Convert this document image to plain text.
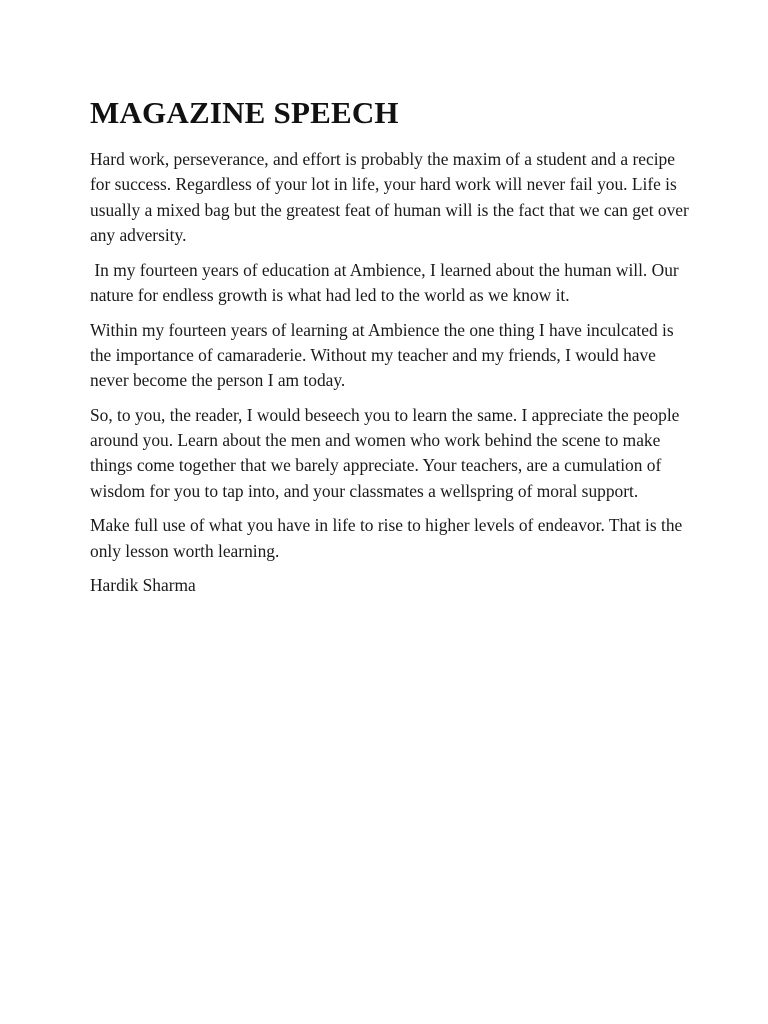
MAGAZINE SPEECH

Hard work, perseverance, and effort is probably the maxim of a student and a recipe for success. Regardless of your lot in life, your hard work will never fail you. Life is usually a mixed bag but the greatest feat of human will is the fact that we can get over any adversity.

In my fourteen years of education at Ambience, I learned about the human will. Our nature for endless growth is what had led to the world as we know it.

Within my fourteen years of learning at Ambience the one thing I have inculcated is the importance of camaraderie. Without my teacher and my friends, I would have never become the person I am today.

So, to you, the reader, I would beseech you to learn the same. I appreciate the people around you. Learn about the men and women who work behind the scene to make things come together that we barely appreciate. Your teachers, are a cumulation of wisdom for you to tap into, and your classmates a wellspring of moral support.

Make full use of what you have in life to rise to higher levels of endeavor. That is the only lesson worth learning.

Hardik Sharma
